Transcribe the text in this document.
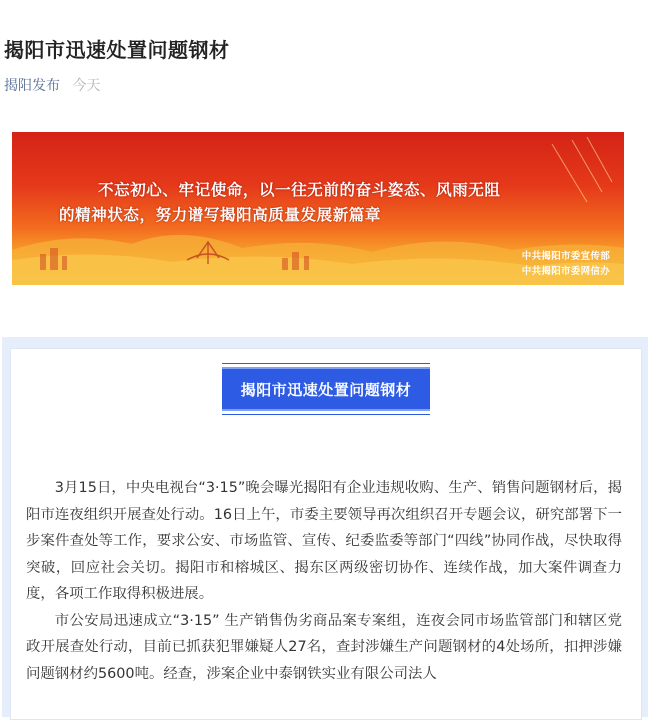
揭阳市迅速处置问题钢材
揭阳发布 今天
不忘初心、牢记使命，以一往无前的奋斗姿态、风雨无阻
的精神状态，努力谱写揭阳高质量发展新篇章
中共揭阳市委宣传部
中共揭阳市委网信办
揭阳市迅速处置问题钢材

3月15日，中央电视台“3·15”晚会曝光揭阳有企业违规收购、生产、销售问题钢材后，揭阳市连夜组织开展查处行动。16日上午，市委主要领导再次组织召开专题会议，研究部署下一步案件查处等工作，要求公安、市场监管、宣传、纪委监委等部门“四线”协同作战，尽快取得突破，回应社会关切。揭阳市和榕城区、揭东区两级密切协作、连续作战，加大案件调查力度，各项工作取得积极进展。

市公安局迅速成立“3·15” 生产销售伪劣商品案专案组，连夜会同市场监管部门和辖区党政开展查处行动，目前已抓获犯罪嫌疑人27名，查封涉嫌生产问题钢材的4处场所，扣押涉嫌问题钢材约5600吨。经查，涉案企业中泰钢铁实业有限公司法人
